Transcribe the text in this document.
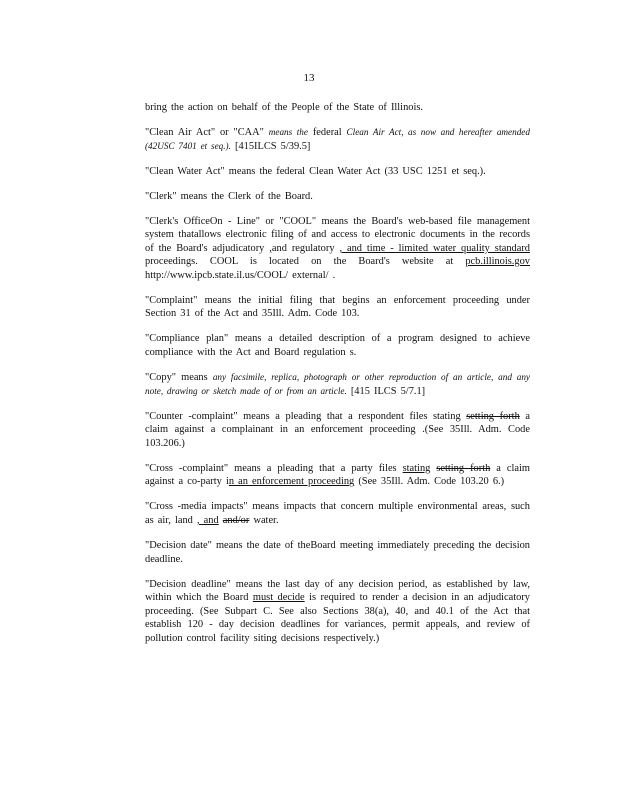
13

bring the action on behalf of the People of the State of Illinois.

"Clean Air Act" or "CAA" means the federal Clean Air Act, as now and hereafter amended (42USC 7401 et seq.). [415ILCS 5/39.5]

"Clean Water Act" means the federal Clean Water Act (33 USC 1251 et seq.).

"Clerk" means the Clerk of the Board.

"Clerk's OfficeOn - Line" or "COOL" means the Board's web-based file management system thatallows electronic filing of and access to electronic documents in the records of the Board's adjudicatory ,and regulatory , and time - limited water quality standard proceedings. COOL is located on the Board's website at pcb.illinois.gov http://www.ipcb.state.il.us/COOL/ external/ .

"Complaint" means the initial filing that begins an enforcement proceeding under Section 31 of the Act and 35Ill. Adm. Code 103.

"Compliance plan" means a detailed description of a program designed to achieve compliance with the Act and Board regulation s.

"Copy" means any facsimile, replica, photograph or other reproduction of an article, and any note, drawing or sketch made of or from an article. [415 ILCS 5/7.1]

"Counter -complaint" means a pleading that a respondent files stating setting forth a claim against a complainant in an enforcement proceeding .(See 35Ill. Adm. Code 103.206.)

"Cross -complaint" means a pleading that a party files stating setting forth a claim against a co-party in an enforcement proceeding (See 35Ill. Adm. Code 103.20 6.)

"Cross -media impacts" means impacts that concern multiple environmental areas, such as air, land , and and/or water.

"Decision date" means the date of theBoard meeting immediately preceding the decision deadline.

"Decision deadline" means the last day of any decision period, as established by law, within which the Board must decide is required to render a decision in an adjudicatory proceeding. (See Subpart C. See also Sections 38(a), 40, and 40.1 of the Act that establish 120 - day decision deadlines for variances, permit appeals, and review of pollution control facility siting decisions respectively.)
